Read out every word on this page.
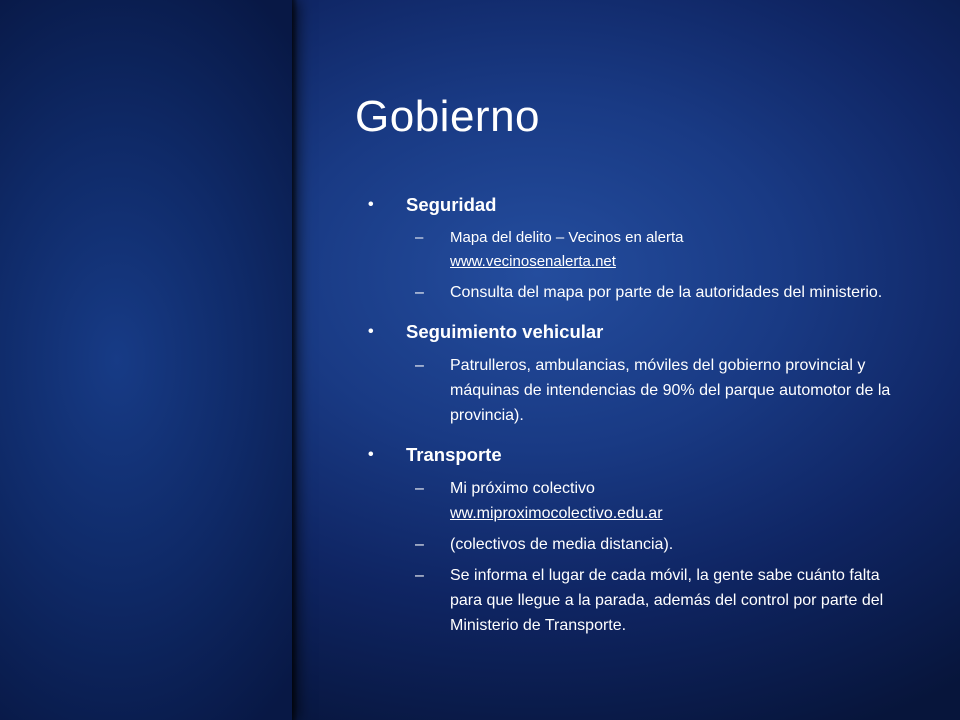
Gobierno
• Seguridad
– Mapa del delito – Vecinos en alerta
www.vecinosenalerta.net
– Consulta del mapa por parte de la autoridades del ministerio.
• Seguimiento vehicular
– Patrulleros, ambulancias, móviles del gobierno provincial y máquinas de intendencias de 90% del parque automotor de la provincia).
• Transporte
– Mi próximo colectivo
ww.miproximocolectivo.edu.ar
– (colectivos de media distancia).
– Se informa el lugar de cada móvil, la gente sabe cuánto falta para que llegue a la parada, además del control por parte del Ministerio de Transporte.
